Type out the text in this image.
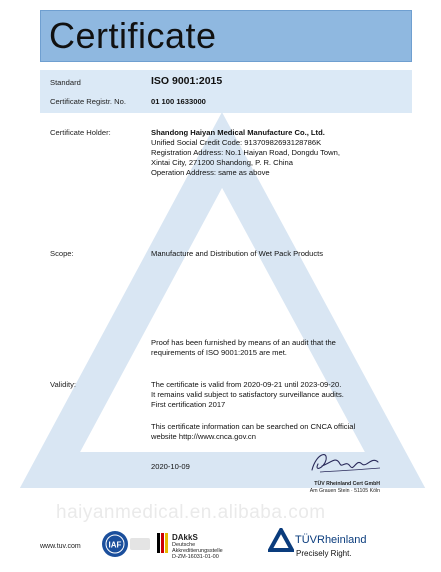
Certificate
Standard	ISO 9001:2015
Certificate Registr. No.	01 100 1633000
Certificate Holder:	Shandong Haiyan Medical Manufacture Co., Ltd.
Unified Social Credit Code: 91370982693128786K
Registration Address: No.1 Haiyan Road, Dongdu Town,
Xintai City, 271200 Shandong, P. R. China
Operation Address: same as above
Scope:	Manufacture and Distribution of Wet Pack Products
Proof has been furnished by means of an audit that the
requirements of ISO 9001:2015 are met.
Validity:	The certificate is valid from 2020-09-21 until 2023-09-20.
It remains valid subject to satisfactory surveillance audits.
First certification 2017
This certificate information can be searched on CNCA official
website http://www.cnca.gov.cn
2020-10-09
TÜV Rheinland Cert GmbH
Am Grauen Stein · 51105 Köln
haiyanmedical.en.alibaba.com
www.tuv.com	IAF
DAkkS
Deutsche
Akkreditierungsstelle
D-ZM-16031-01-00
TÜVRheinland
Precisely Right.
